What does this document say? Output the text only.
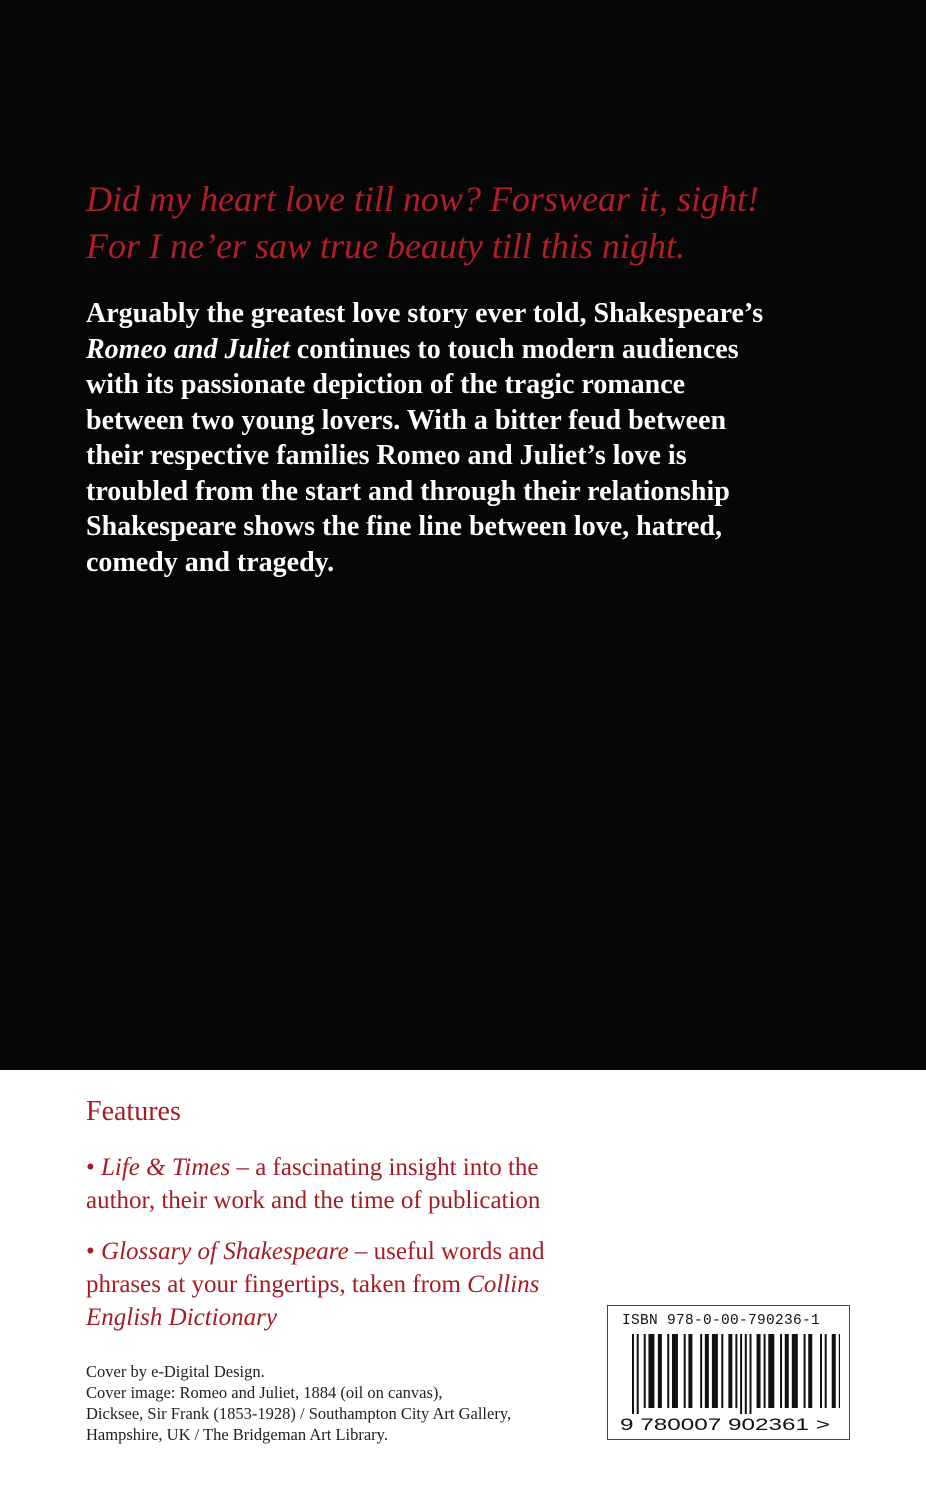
Did my heart love till now? Forswear it, sight!
For I ne’er saw true beauty till this night.

Arguably the greatest love story ever told, Shakespeare’s
Romeo and Juliet continues to touch modern audiences
with its passionate depiction of the tragic romance
between two young lovers. With a bitter feud between
their respective families Romeo and Juliet’s love is
troubled from the start and through their relationship
Shakespeare shows the fine line between love, hatred,
comedy and tragedy.

Features

• Life & Times – a fascinating insight into the
author, their work and the time of publication

• Glossary of Shakespeare – useful words and
phrases at your fingertips, taken from Collins
English Dictionary

Cover by e-Digital Design.
Cover image: Romeo and Juliet, 1884 (oil on canvas),
Dicksee, Sir Frank (1853-1928) / Southampton City Art Gallery,
Hampshire, UK / The Bridgeman Art Library.

ISBN 978-0-00-790236-1
9 780007 902361 >
